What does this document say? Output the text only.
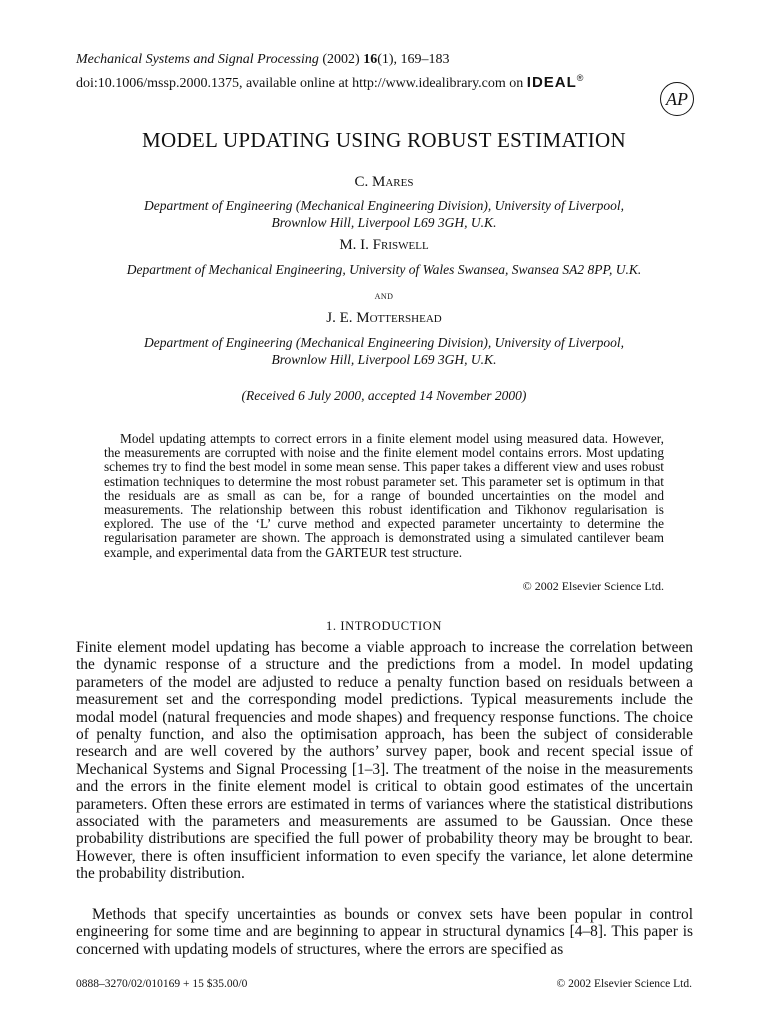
Mechanical Systems and Signal Processing (2002) 16(1), 169–183
doi:10.1006/mssp.2000.1375, available online at http://www.idealibrary.com on IDEAL®
AP
MODEL UPDATING USING ROBUST ESTIMATION
C. Mares
Department of Engineering (Mechanical Engineering Division), University of Liverpool,
Brownlow Hill, Liverpool L69 3GH, U.K.
M. I. Friswell
Department of Mechanical Engineering, University of Wales Swansea, Swansea SA2 8PP, U.K.
and
J. E. Mottershead
Department of Engineering (Mechanical Engineering Division), University of Liverpool,
Brownlow Hill, Liverpool L69 3GH, U.K.
(Received 6 July 2000, accepted 14 November 2000)
Model updating attempts to correct errors in a finite element model using measured data. However, the measurements are corrupted with noise and the finite element model contains errors. Most updating schemes try to find the best model in some mean sense. This paper takes a different view and uses robust estimation techniques to determine the most robust parameter set. This parameter set is optimum in that the residuals are as small as can be, for a range of bounded uncertainties on the model and measurements. The relationship between this robust identification and Tikhonov regularisation is explored. The use of the ‘L’ curve method and expected parameter uncertainty to determine the regularisation parameter are shown. The approach is demonstrated using a simulated cantilever beam example, and experimental data from the GARTEUR test structure.
© 2002 Elsevier Science Ltd.
1. INTRODUCTION
Finite element model updating has become a viable approach to increase the correlation between the dynamic response of a structure and the predictions from a model. In model updating parameters of the model are adjusted to reduce a penalty function based on residuals between a measurement set and the corresponding model predictions. Typical measurements include the modal model (natural frequencies and mode shapes) and frequency response functions. The choice of penalty function, and also the optimisation approach, has been the subject of considerable research and are well covered by the authors’ survey paper, book and recent special issue of Mechanical Systems and Signal Processing [1–3]. The treatment of the noise in the measurements and the errors in the finite element model is critical to obtain good estimates of the uncertain parameters. Often these errors are estimated in terms of variances where the statistical distributions associated with the parameters and measurements are assumed to be Gaussian. Once these probability distributions are specified the full power of probability theory may be brought to bear. However, there is often insufficient information to even specify the variance, let alone determine the probability distribution.
Methods that specify uncertainties as bounds or convex sets have been popular in control engineering for some time and are beginning to appear in structural dynamics [4–8]. This paper is concerned with updating models of structures, where the errors are specified as
0888–3270/02/010169 + 15 $35.00/0	© 2002 Elsevier Science Ltd.
